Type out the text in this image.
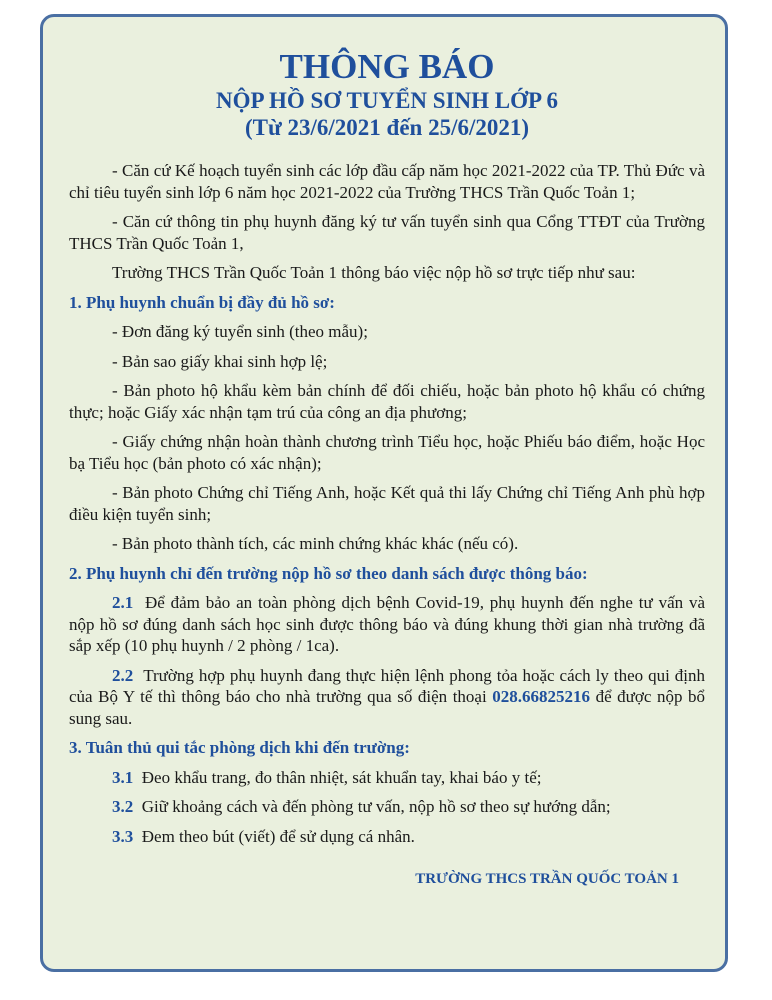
THÔNG BÁO
NỘP HỒ SƠ TUYỂN SINH LỚP 6
(Từ 23/6/2021 đến 25/6/2021)

- Căn cứ Kế hoạch tuyển sinh các lớp đầu cấp năm học 2021-2022 của TP. Thủ Đức và chỉ tiêu tuyển sinh lớp 6 năm học 2021-2022 của Trường THCS Trần Quốc Toản 1;

- Căn cứ thông tin phụ huynh đăng ký tư vấn tuyển sinh qua Cổng TTĐT của Trường THCS Trần Quốc Toản 1,

Trường THCS Trần Quốc Toản 1 thông báo việc nộp hồ sơ trực tiếp như sau:

1. Phụ huynh chuẩn bị đầy đủ hồ sơ:

- Đơn đăng ký tuyển sinh (theo mẫu);

- Bản sao giấy khai sinh hợp lệ;

- Bản photo hộ khẩu kèm bản chính để đối chiếu, hoặc bản photo hộ khẩu có chứng thực; hoặc Giấy xác nhận tạm trú của công an địa phương;

- Giấy chứng nhận hoàn thành chương trình Tiểu học, hoặc Phiếu báo điểm, hoặc Học bạ Tiểu học (bản photo có xác nhận);

- Bản photo Chứng chỉ Tiếng Anh, hoặc Kết quả thi lấy Chứng chỉ Tiếng Anh phù hợp điều kiện tuyển sinh;

- Bản photo thành tích, các minh chứng khác khác (nếu có).

2. Phụ huynh chỉ đến trường nộp hồ sơ theo danh sách được thông báo:

2.1 Để đảm bảo an toàn phòng dịch bệnh Covid-19, phụ huynh đến nghe tư vấn và nộp hồ sơ đúng danh sách học sinh được thông báo và đúng khung thời gian nhà trường đã sắp xếp (10 phụ huynh / 2 phòng / 1ca).

2.2 Trường hợp phụ huynh đang thực hiện lệnh phong tỏa hoặc cách ly theo qui định của Bộ Y tế thì thông báo cho nhà trường qua số điện thoại 028.66825216 để được nộp bổ sung sau.

3. Tuân thủ qui tắc phòng dịch khi đến trường:

3.1 Đeo khẩu trang, đo thân nhiệt, sát khuẩn tay, khai báo y tế;

3.2 Giữ khoảng cách và đến phòng tư vấn, nộp hồ sơ theo sự hướng dẫn;

3.3 Đem theo bút (viết) để sử dụng cá nhân.

TRƯỜNG THCS TRẦN QUỐC TOẢN 1
